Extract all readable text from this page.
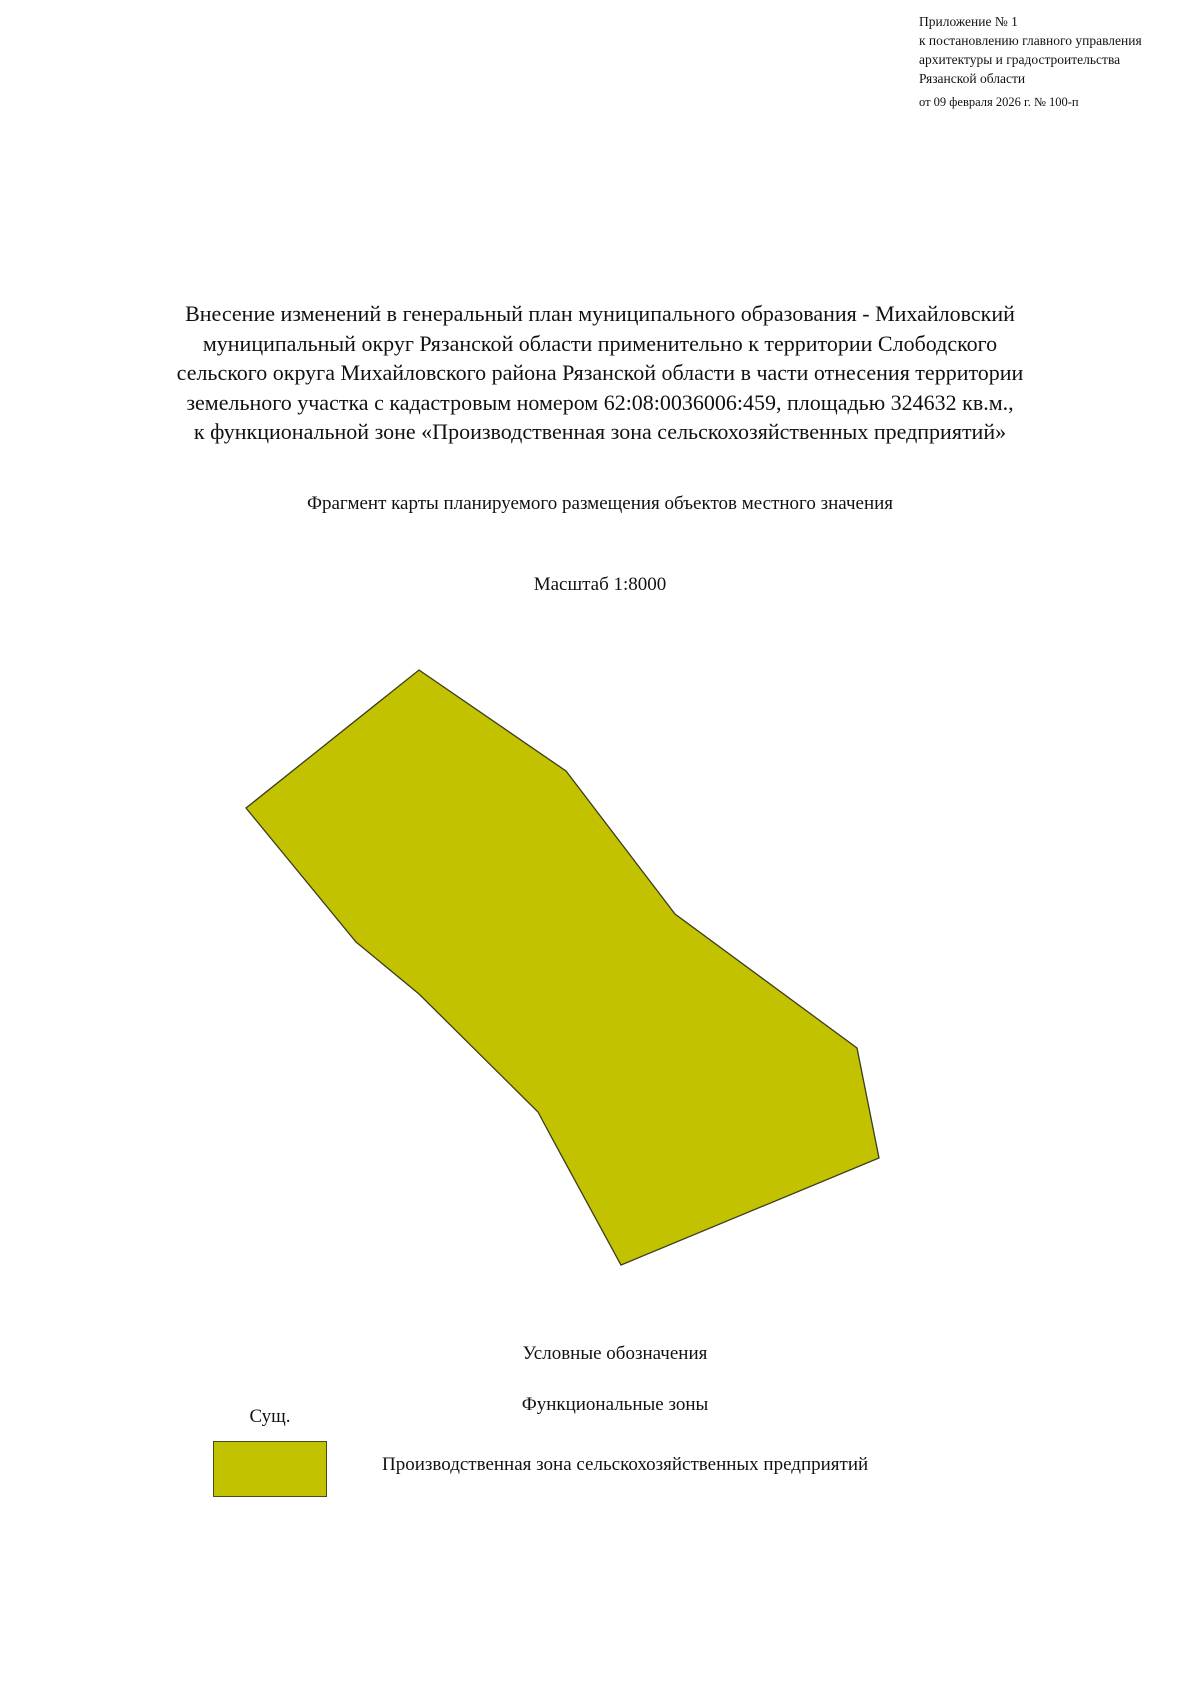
Приложение № 1
к постановлению главного управления
архитектуры и градостроительства
Рязанской области
от 09 февраля 2026 г. № 100-п
Внесение изменений в генеральный план муниципального образования - Михайловский
муниципальный округ Рязанской области применительно к территории Слободского
сельского округа Михайловского района Рязанской области в части отнесения территории
земельного участка с кадастровым номером 62:08:0036006:459, площадью 324632 кв.м.,
к функциональной зоне «Производственная зона сельскохозяйственных предприятий»
Фрагмент карты планируемого размещения объектов местного значения
Масштаб 1:8000
Условные обозначения
Функциональные зоны
Сущ.
Производственная зона сельскохозяйственных предприятий
